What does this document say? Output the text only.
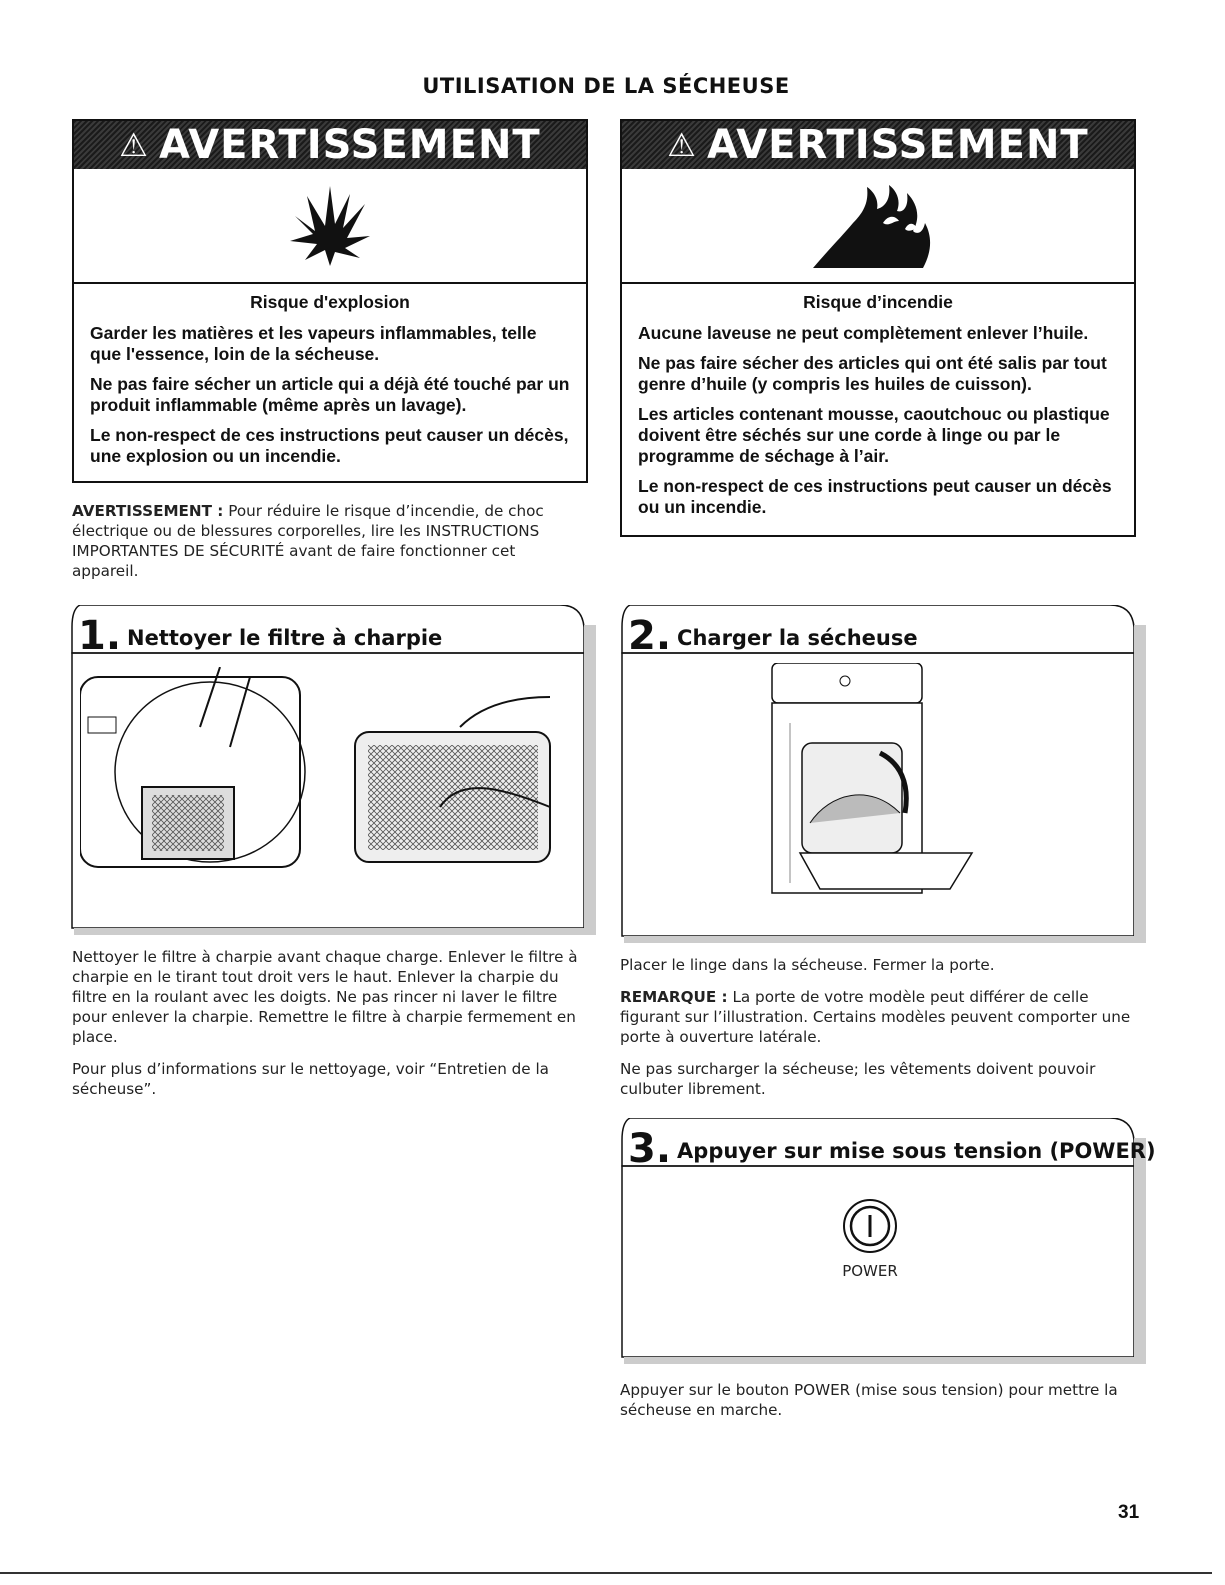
UTILISATION DE LA SÉCHEUSE
⚠ AVERTISSEMENT
Risque d'explosion

Garder les matières et les vapeurs inflammables, telle que l'essence, loin de la sécheuse.

Ne pas faire sécher un article qui a déjà été touché par un produit inflammable (même après un lavage).

Le non-respect de ces instructions peut causer un décès, une explosion ou un incendie.

⚠ AVERTISSEMENT
Risque d’incendie

Aucune laveuse ne peut complètement enlever l’huile.

Ne pas faire sécher des articles qui ont été salis par tout genre d’huile (y compris les huiles de cuisson).

Les articles contenant mousse, caoutchouc ou plastique doivent être séchés sur une corde à linge ou par le programme de séchage à l’air.

Le non-respect de ces instructions peut causer un décès ou un incendie.

AVERTISSEMENT : Pour réduire le risque d’incendie, de choc électrique ou de blessures corporelles, lire les INSTRUCTIONS IMPORTANTES DE SÉCURITÉ avant de faire fonctionner cet appareil.
1. Nettoyer le filtre à charpie

Nettoyer le filtre à charpie avant chaque charge. Enlever le filtre à charpie en le tirant tout droit vers le haut. Enlever la charpie du filtre en la roulant avec les doigts. Ne pas rincer ni laver le filtre pour enlever la charpie. Remettre le filtre à charpie fermement en place.

Pour plus d’informations sur le nettoyage, voir “Entretien de la sécheuse”.

2. Charger la sécheuse

Placer le linge dans la sécheuse. Fermer la porte.

REMARQUE : La porte de votre modèle peut différer de celle figurant sur l’illustration. Certains modèles peuvent comporter une porte à ouverture latérale.

Ne pas surcharger la sécheuse; les vêtements doivent pouvoir culbuter librement.

3. Appuyer sur mise sous tension (POWER)
POWER

Appuyer sur le bouton POWER (mise sous tension) pour mettre la sécheuse en marche.

31
